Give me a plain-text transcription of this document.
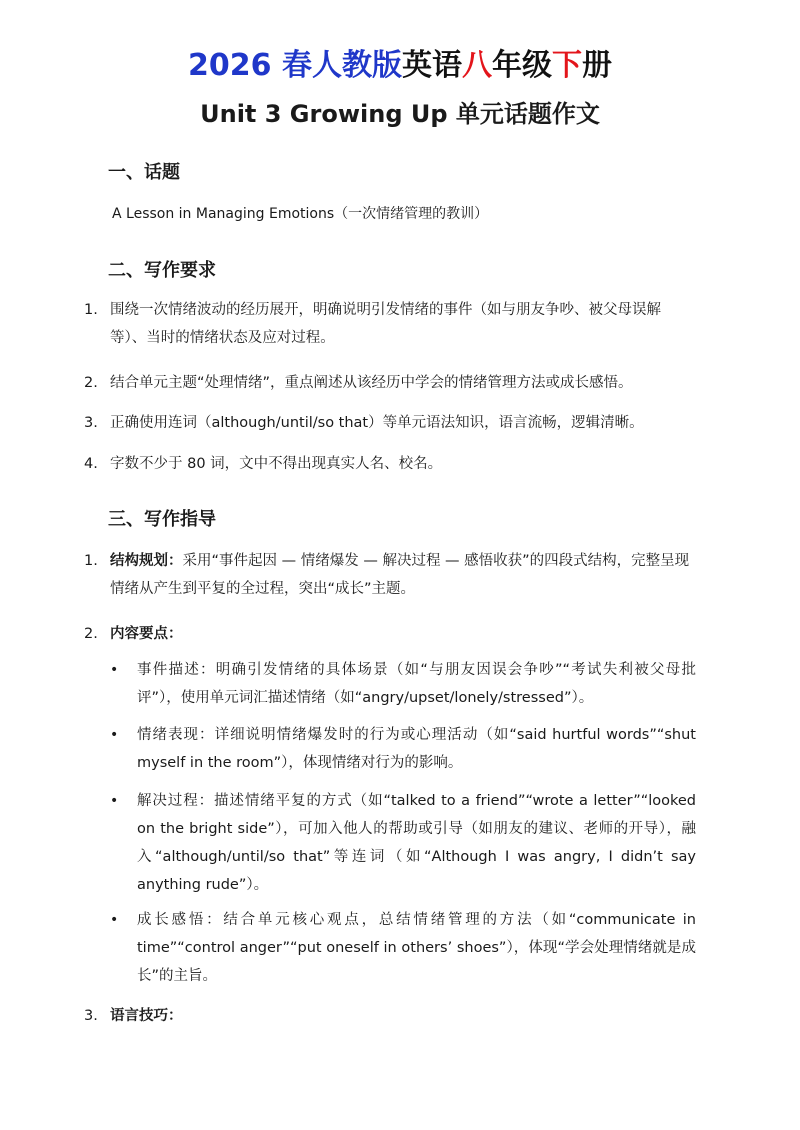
2026 春人教版英语八年级下册
Unit 3 Growing Up 单元话题作文
一、话题
A Lesson in Managing Emotions（一次情绪管理的教训）
二、写作要求
1. 围绕一次情绪波动的经历展开，明确说明引发情绪的事件（如与朋友争吵、被父母误解等）、当时的情绪状态及应对过程。
2. 结合单元主题“处理情绪”，重点阐述从该经历中学会的情绪管理方法或成长感悟。
3. 正确使用连词（although/until/so that）等单元语法知识，语言流畅，逻辑清晰。
4. 字数不少于 80 词，文中不得出现真实人名、校名。
三、写作指导
1. 结构规划：采用“事件起因 — 情绪爆发 — 解决过程 — 感悟收获”的四段式结构，完整呈现情绪从产生到平复的全过程，突出“成长”主题。
2. 内容要点：
• 事件描述：明确引发情绪的具体场景（如“与朋友因误会争吵”“考试失利被父母批评”），使用单元词汇描述情绪（如“angry/upset/lonely/stressed”）。
• 情绪表现：详细说明情绪爆发时的行为或心理活动（如“said hurtful words”“shut myself in the room”），体现情绪对行为的影响。
• 解决过程：描述情绪平复的方式（如“talked to a friend”“wrote a letter”“looked on the bright side”），可加入他人的帮助或引导（如朋友的建议、老师的开导），融入“although/until/so that”等连词（如“Although I was angry, I didn’t say anything rude”）。
• 成长感悟：结合单元核心观点，总结情绪管理的方法（如“communicate in time”“control anger”“put oneself in others’ shoes”），体现“学会处理情绪就是成长”的主旨。
3. 语言技巧：
